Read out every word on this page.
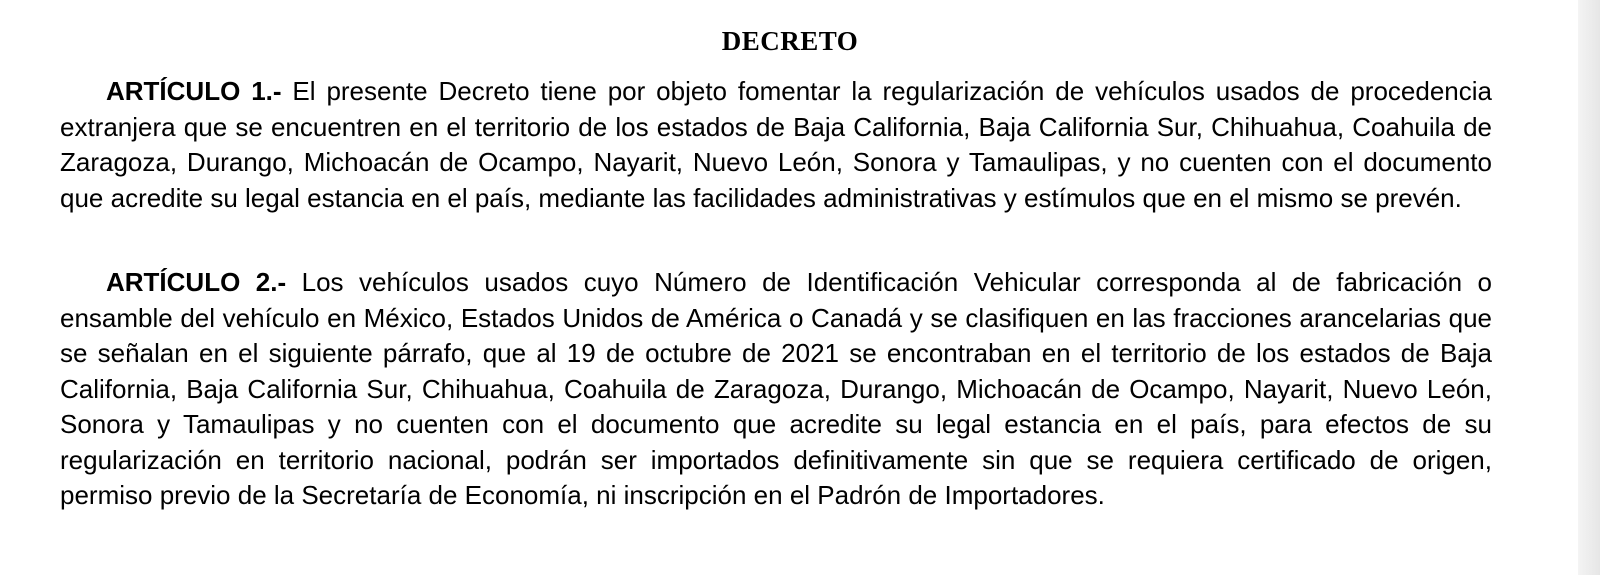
DECRETO

ARTÍCULO 1.- El presente Decreto tiene por objeto fomentar la regularización de vehículos usados de procedencia extranjera que se encuentren en el territorio de los estados de Baja California, Baja California Sur, Chihuahua, Coahuila de Zaragoza, Durango, Michoacán de Ocampo, Nayarit, Nuevo León, Sonora y Tamaulipas, y no cuenten con el documento que acredite su legal estancia en el país, mediante las facilidades administrativas y estímulos que en el mismo se prevén.

ARTÍCULO 2.- Los vehículos usados cuyo Número de Identificación Vehicular corresponda al de fabricación o ensamble del vehículo en México, Estados Unidos de América o Canadá y se clasifiquen en las fracciones arancelarias que se señalan en el siguiente párrafo, que al 19 de octubre de 2021 se encontraban en el territorio de los estados de Baja California, Baja California Sur, Chihuahua, Coahuila de Zaragoza, Durango, Michoacán de Ocampo, Nayarit, Nuevo León, Sonora y Tamaulipas y no cuenten con el documento que acredite su legal estancia en el país, para efectos de su regularización en territorio nacional, podrán ser importados definitivamente sin que se requiera certificado de origen, permiso previo de la Secretaría de Economía, ni inscripción en el Padrón de Importadores.
